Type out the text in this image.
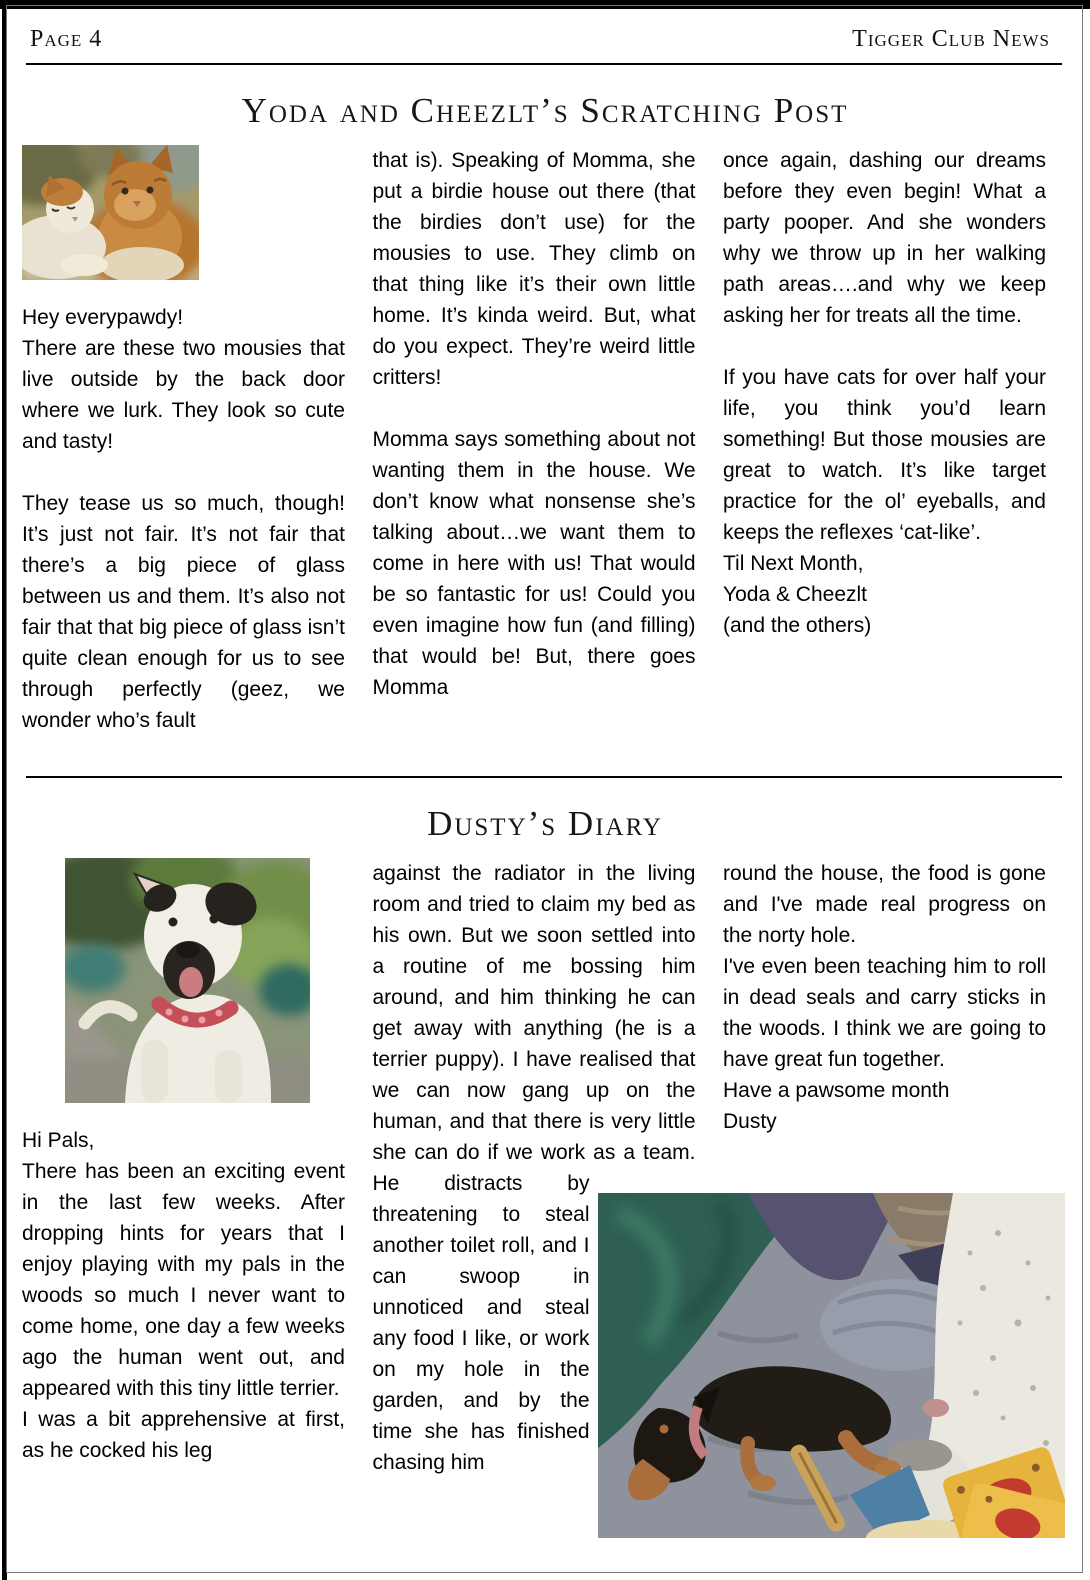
Page 4	Tigger Club News
Yoda and Cheezlt’s Scratching Post

Hey everypawdy!

There are these two mousies that live outside by the back door where we lurk. They look so cute and tasty!

They tease us so much, though! It’s just not fair. It’s not fair that there’s a big piece of glass between us and them. It’s also not fair that that big piece of glass isn’t quite clean enough for us to see through perfectly (geez, we wonder who’s fault

that is). Speaking of Momma, she put a birdie house out there (that the birdies don’t use) for the mousies to use. They climb on that thing like it’s their own little home. It’s kinda weird. But, what do you expect. They’re weird little critters!

Momma says something about not wanting them in the house. We don’t know what nonsense she’s talking about…we want them to come in here with us! That would be so fantastic for us! Could you even imagine how fun (and filling) that would be! But, there goes Momma

once again, dashing our dreams before they even begin! What a party pooper. And she wonders why we throw up in her walking path areas….and why we keep asking her for treats all the time.

If you have cats for over half your life, you think you’d learn something! But those mousies are great to watch. It’s like target practice for the ol’ eyeballs, and keeps the reflexes ‘cat-like’.

Til Next Month,

Yoda & Cheezlt

(and the others)

Dusty’s Diary

Hi Pals,

There has been an exciting event in the last few weeks. After dropping hints for years that I enjoy playing with my pals in the woods so much I never want to come home, one day a few weeks ago the human went out, and appeared with this tiny little terrier.

I was a bit apprehensive at first, as he cocked his leg

against the radiator in the living room and tried to claim my bed as his own. But we soon settled into a routine of me bossing him around, and him thinking he can get away with anything (he is a terrier puppy). I have realised that we can now gang up on the human, and that there is very little she can do if we work as a team. He distracts by threatening to steal another toilet roll, and I can swoop in unnoticed and steal any food I like, or work on my hole in the garden, and by the time she has finished chasing him

round the house, the food is gone and I've made real progress on the norty hole.

I've even been teaching him to roll in dead seals and carry sticks in the woods. I think we are going to have great fun together.

Have a pawsome month

Dusty
